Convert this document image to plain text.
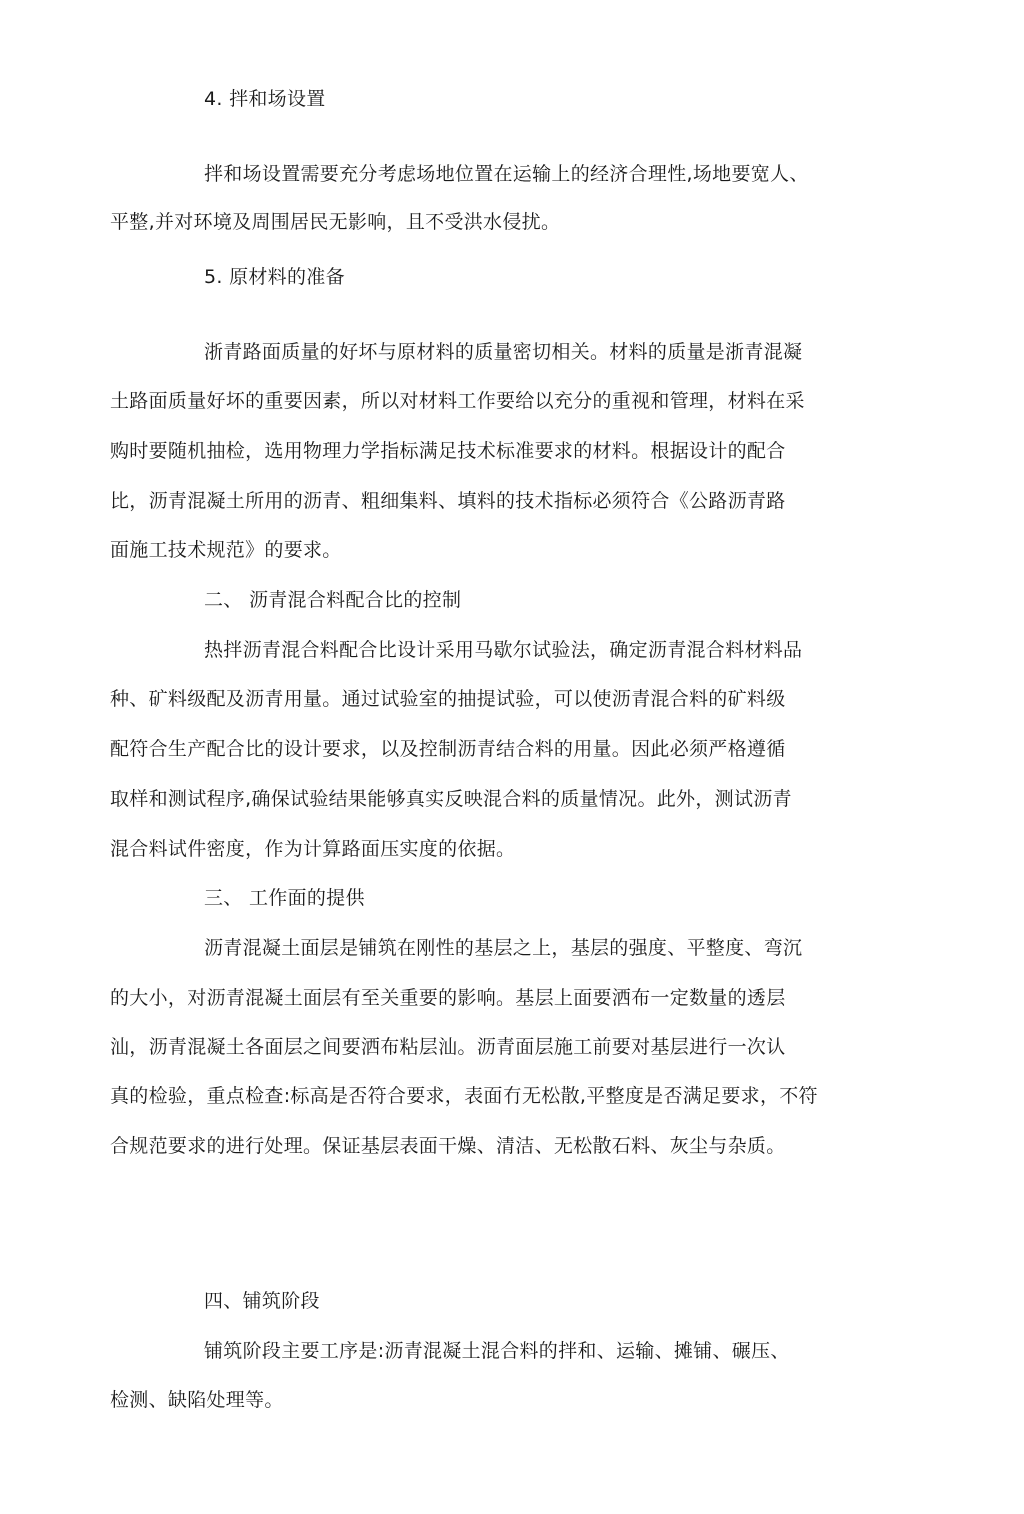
4. 拌和场设置
拌和场设置需要充分考虑场地位置在运输上的经济合理性,场地要宽人、
平整,并对环境及周围居民无影响，且不受洪水侵扰。
5. 原材料的准备
浙青路面质量的好坏与原材料的质量密切相关。材料的质量是浙青混凝
土路面质量好坏的重要因素，所以对材料工作要给以充分的重视和管理，材料在采
购时要随机抽检，选用物理力学指标满足技术标准要求的材料。根据设计的配合
比，沥青混凝土所用的沥青、粗细集料、填料的技术指标必须符合《公路沥青路
面施工技术规范》的要求。
二、 沥青混合料配合比的控制
热拌沥青混合料配合比设计采用马歇尔试验法，确定沥青混合料材料品
种、矿料级配及沥青用量。通过试验室的抽提试验，可以使沥青混合料的矿料级
配符合生产配合比的设计要求，以及控制沥青结合料的用量。因此必须严格遵循
取样和测试程序,确保试验结果能够真实反映混合料的质量情况。此外，测试沥青
混合料试件密度，作为计算路面压实度的依据。
三、 工作面的提供
沥青混凝土面层是铺筑在刚性的基层之上，基层的强度、平整度、弯沉
的大小，对沥青混凝土面层有至关重要的影响。基层上面要洒布一定数量的透层
汕，沥青混凝土各面层之间要洒布粘层汕。沥青面层施工前要对基层进行一次认
真的检验，重点检查:标高是否符合要求，表面冇无松散,平整度是否满足要求，不符
合规范要求的进行处理。保证基层表面干燥、清洁、无松散石料、灰尘与杂质。
四、铺筑阶段
铺筑阶段主要工序是:沥青混凝土混合料的拌和、运输、摊铺、碾压、
检测、缺陷处理等。
